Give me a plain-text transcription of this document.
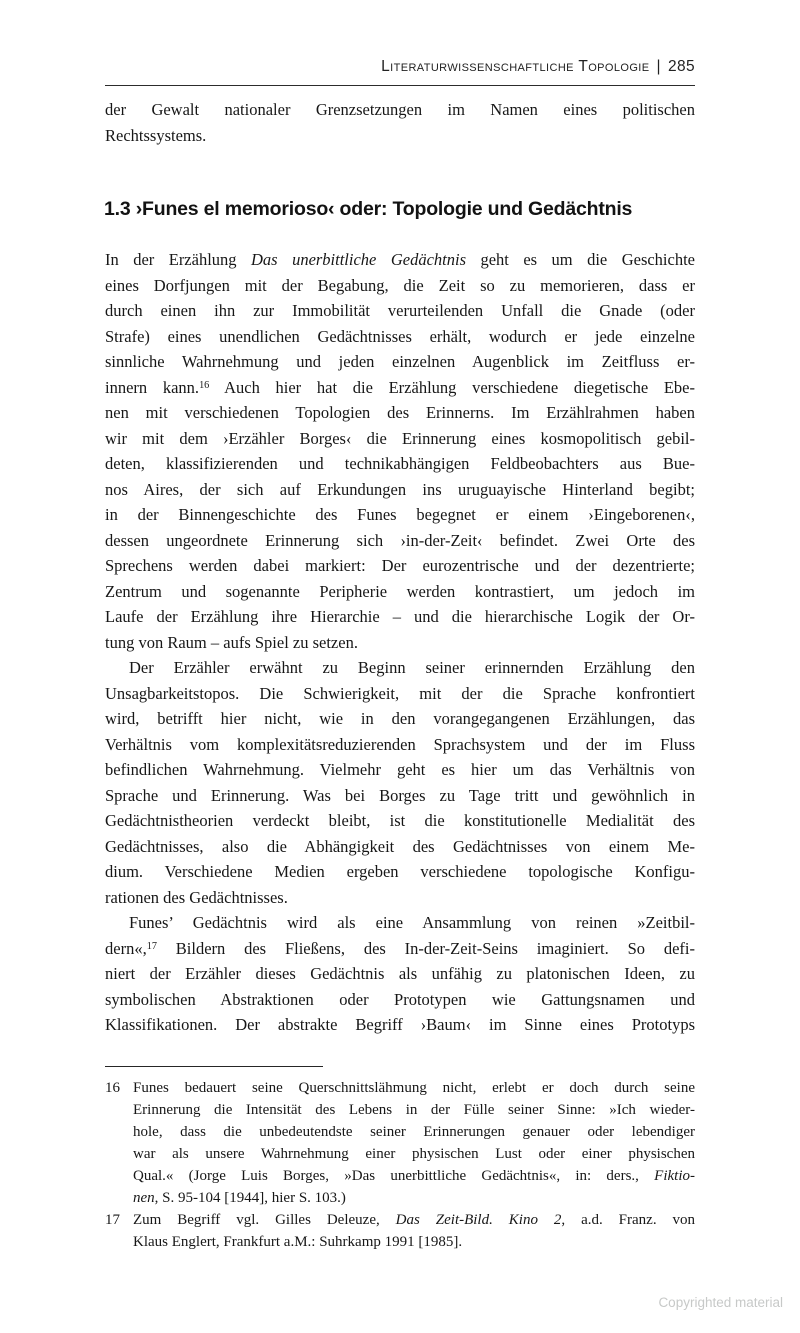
Literaturwissenschaftliche Topologie | 285
der Gewalt nationaler Grenzsetzungen im Namen eines politischen
Rechtssystems.
1.3 ›Funes el memorioso‹ oder: Topologie und Gedächtnis
In der Erzählung Das unerbittliche Gedächtnis geht es um die Geschichte
eines Dorfjungen mit der Begabung, die Zeit so zu memorieren, dass er
durch einen ihn zur Immobilität verurteilenden Unfall die Gnade (oder
Strafe) eines unendlichen Gedächtnisses erhält, wodurch er jede einzelne
sinnliche Wahrnehmung und jeden einzelnen Augenblick im Zeitfluss er-
innern kann.$^{16}$ Auch hier hat die Erzählung verschiedene diegetische Ebe-
nen mit verschiedenen Topologien des Erinnerns. Im Erzählrahmen haben
wir mit dem ›Erzähler Borges‹ die Erinnerung eines kosmopolitisch gebil-
deten, klassifizierenden und technikabhängigen Feldbeobachters aus Bue-
nos Aires, der sich auf Erkundungen ins uruguayische Hinterland begibt;
in der Binnengeschichte des Funes begegnet er einem ›Eingeborenen‹,
dessen ungeordnete Erinnerung sich ›in-der-Zeit‹ befindet. Zwei Orte des
Sprechens werden dabei markiert: Der eurozentrische und der dezentrierte;
Zentrum und sogenannte Peripherie werden kontrastiert, um jedoch im
Laufe der Erzählung ihre Hierarchie – und die hierarchische Logik der Or-
tung von Raum – aufs Spiel zu setzen.
Der Erzähler erwähnt zu Beginn seiner erinnernden Erzählung den
Unsagbarkeitstopos. Die Schwierigkeit, mit der die Sprache konfrontiert
wird, betrifft hier nicht, wie in den vorangegangenen Erzählungen, das
Verhältnis vom komplexitätsreduzierenden Sprachsystem und der im Fluss
befindlichen Wahrnehmung. Vielmehr geht es hier um das Verhältnis von
Sprache und Erinnerung. Was bei Borges zu Tage tritt und gewöhnlich in
Gedächtnistheorien verdeckt bleibt, ist die konstitutionelle Medialität des
Gedächtnisses, also die Abhängigkeit des Gedächtnisses von einem Me-
dium. Verschiedene Medien ergeben verschiedene topologische Konfigu-
rationen des Gedächtnisses.
Funes’ Gedächtnis wird als eine Ansammlung von reinen »Zeitbil-
dern«,$^{17}$ Bildern des Fließens, des In-der-Zeit-Seins imaginiert. So defi-
niert der Erzähler dieses Gedächtnis als unfähig zu platonischen Ideen, zu
symbolischen Abstraktionen oder Prototypen wie Gattungsnamen und
Klassifikationen. Der abstrakte Begriff ›Baum‹ im Sinne eines Prototyps
16 Funes bedauert seine Querschnittslähmung nicht, erlebt er doch durch seine
Erinnerung die Intensität des Lebens in der Fülle seiner Sinne: »Ich wieder-
hole, dass die unbedeutendste seiner Erinnerungen genauer oder lebendiger
war als unsere Wahrnehmung einer physischen Lust oder einer physischen
Qual.« (Jorge Luis Borges, »Das unerbittliche Gedächtnis«, in: ders., Fiktio-
nen, S. 95-104 [1944], hier S. 103.)
17 Zum Begriff vgl. Gilles Deleuze, Das Zeit-Bild. Kino 2, a.d. Franz. von
Klaus Englert, Frankfurt a.M.: Suhrkamp 1991 [1985].
Copyrighted material
